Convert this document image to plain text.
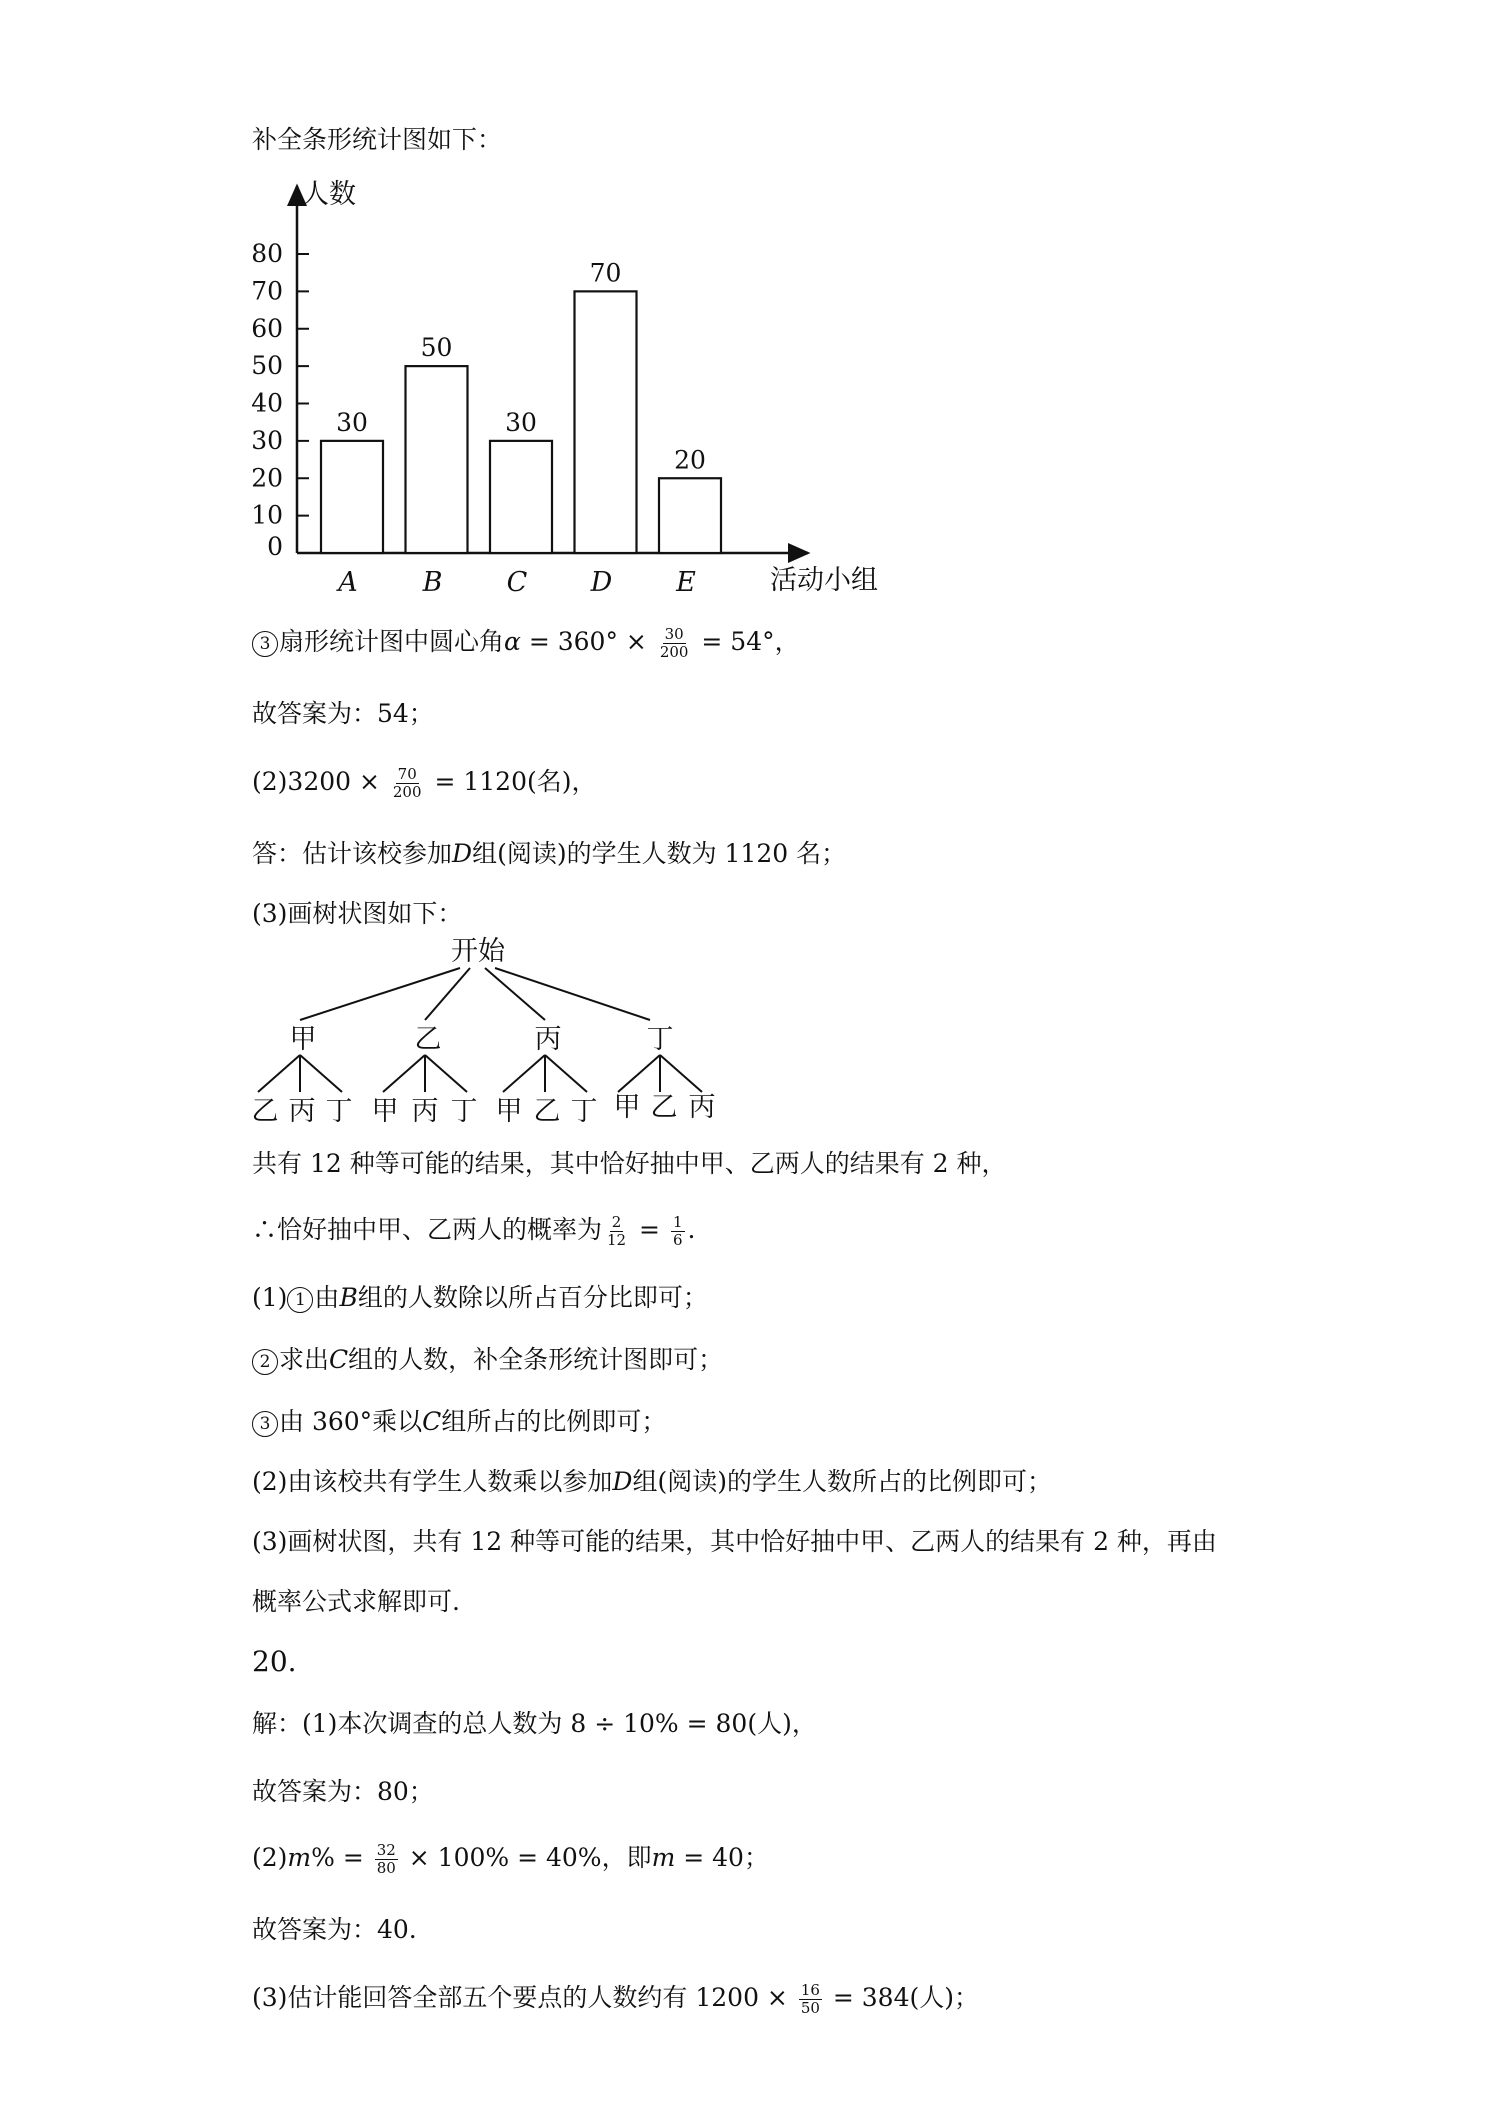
补全条形统计图如下：
人数
活动小组
0
10
20
30
40
50
60
70
80
30
A
50
B
30
C
70
D
20
E
3 扇形统计图中圆心角$\alpha = 360^\circ \times \frac{30}{200} = 54^\circ$，
故答案为：54；
$(2)3200 \times \frac{70}{200} = 1120$(名)，
答：估计该校参加D组(阅读)的学生人数为 1120 名；
(3)画树状图如下：
开始
甲	乙	丙	丁
乙 丙 丁 甲 丙 丁 甲 乙 丁 甲 乙 丙
共有 12 种等可能的结果，其中恰好抽中甲、乙两人的结果有 2 种，
∴恰好抽中甲、乙两人的概率为 $\frac{2}{12} = \frac{1}{6}$ .
(1) 1 由B组的人数除以所占百分比即可；
2 求出C组的人数，补全条形统计图即可；
3 由 360°乘以C组所占的比例即可；
(2)由该校共有学生人数乘以参加D组(阅读)的学生人数所占的比例即可；
(3)画树状图，共有 12 种等可能的结果，其中恰好抽中甲、乙两人的结果有 2 种，再由
概率公式求解即可.
20.
解：(1)本次调查的总人数为 8 ÷ 10% = 80(人)，
故答案为：80；
$(2)m\% = \frac{32}{80} \times 100\% = 40\%$，即m = 40；
故答案为：40.
(3)估计能回答全部五个要点的人数约有 $1200 \times \frac{16}{50} = 384$(人)；
